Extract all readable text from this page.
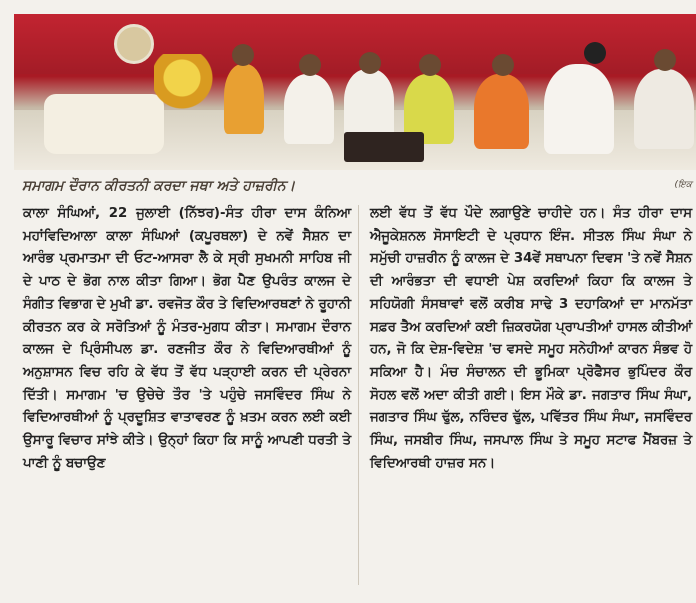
ਸਮਾਗਮ ਦੌਰਾਨ ਕੀਰਤਨੀ ਕਰਦਾ ਜਥਾ ਅਤੇ ਹਾਜ਼ਰੀਨ।	(ਇਕ

ਕਾਲਾ ਸੰਘਿਆਂ, 22 ਜੁਲਾਈ (ਨਿੱਝਰ)-ਸੰਤ ਹੀਰਾ ਦਾਸ ਕੰਨਿਆ ਮਹਾਂਵਿਦਿਆਲਾ ਕਾਲਾ ਸੰਘਿਆਂ (ਕਪੂਰਥਲਾ) ਦੇ ਨਵੇਂ ਸੈਸ਼ਨ ਦਾ ਆਰੰਭ ਪ੍ਰਮਾਤਮਾ ਦੀ ਓਟ-ਆਸਰਾ ਲੈ ਕੇ ਸ੍ਰੀ ਸੁਖਮਨੀ ਸਾਹਿਬ ਜੀ ਦੇ ਪਾਠ ਦੇ ਭੋਗ ਨਾਲ ਕੀਤਾ ਗਿਆ। ਭੋਗ ਪੈਣ ਉਪਰੰਤ ਕਾਲਜ ਦੇ ਸੰਗੀਤ ਵਿਭਾਗ ਦੇ ਮੁਖੀ ਡਾ. ਰਵਜੋਤ ਕੌਰ ਤੇ ਵਿਦਿਆਰਥਣਾਂ ਨੇ ਰੂਹਾਨੀ ਕੀਰਤਨ ਕਰ ਕੇ ਸਰੋਤਿਆਂ ਨੂੰ ਮੰਤਰ-ਮੁਗਧ ਕੀਤਾ। ਸਮਾਗਮ ਦੌਰਾਨ ਕਾਲਜ ਦੇ ਪ੍ਰਿੰਸੀਪਲ ਡਾ. ਰਣਜੀਤ ਕੌਰ ਨੇ ਵਿਦਿਆਰਥੀਆਂ ਨੂੰ ਅਨੁਸ਼ਾਸਨ ਵਿਚ ਰਹਿ ਕੇ ਵੱਧ ਤੋਂ ਵੱਧ ਪੜ੍ਹਾਈ ਕਰਨ ਦੀ ਪ੍ਰੇਰਨਾ ਦਿੱਤੀ। ਸਮਾਗਮ 'ਚ ਉਚੇਚੇ ਤੌਰ 'ਤੇ ਪਹੁੰਚੇ ਜਸਵਿੰਦਰ ਸਿੰਘ ਨੇ ਵਿਦਿਆਰਥੀਆਂ ਨੂੰ ਪ੍ਰਦੂਸ਼ਿਤ ਵਾਤਾਵਰਣ ਨੂੰ ਖ਼ਤਮ ਕਰਨ ਲਈ ਕਈ ਉਸਾਰੂ ਵਿਚਾਰ ਸਾਂਝੇ ਕੀਤੇ। ਉਨ੍ਹਾਂ ਕਿਹਾ ਕਿ ਸਾਨੂੰ ਆਪਣੀ ਧਰਤੀ ਤੇ ਪਾਣੀ ਨੂੰ ਬਚਾਉਣ

ਲਈ ਵੱਧ ਤੋਂ ਵੱਧ ਪੌਦੇ ਲਗਾਉਣੇ ਚਾਹੀਦੇ ਹਨ। ਸੰਤ ਹੀਰਾ ਦਾਸ ਐਜੂਕੇਸ਼ਨਲ ਸੋਸਾਇਟੀ ਦੇ ਪ੍ਰਧਾਨ ਇੰਜ. ਸੀਤਲ ਸਿੰਘ ਸੰਘਾ ਨੇ ਸਮੁੱਚੀ ਹਾਜ਼ਰੀਨ ਨੂੰ ਕਾਲਜ ਦੇ 34ਵੇਂ ਸਥਾਪਨਾ ਦਿਵਸ 'ਤੇ ਨਵੇਂ ਸੈਸ਼ਨ ਦੀ ਆਰੰਭਤਾ ਦੀ ਵਧਾਈ ਪੇਸ਼ ਕਰਦਿਆਂ ਕਿਹਾ ਕਿ ਕਾਲਜ ਤੇ ਸਹਿਯੋਗੀ ਸੰਸਥਾਵਾਂ ਵਲੋਂ ਕਰੀਬ ਸਾਢੇ 3 ਦਹਾਕਿਆਂ ਦਾ ਮਾਨਮੱਤਾ ਸਫ਼ਰ ਤੈਅ ਕਰਦਿਆਂ ਕਈ ਜ਼ਿਕਰਯੋਗ ਪ੍ਰਾਪਤੀਆਂ ਹਾਸਲ ਕੀਤੀਆਂ ਹਨ, ਜੋ ਕਿ ਦੇਸ਼-ਵਿਦੇਸ਼ 'ਚ ਵਸਦੇ ਸਮੂਹ ਸਨੇਹੀਆਂ ਕਾਰਨ ਸੰਭਵ ਹੋ ਸਕਿਆ ਹੈ। ਮੰਚ ਸੰਚਾਲਨ ਦੀ ਭੂਮਿਕਾ ਪ੍ਰੋਫੈਸਰ ਭੁਪਿੰਦਰ ਕੌਰ ਸੋਹਲ ਵਲੋਂ ਅਦਾ ਕੀਤੀ ਗਈ। ਇਸ ਮੌਕੇ ਡਾ. ਜਗਤਾਰ ਸਿੰਘ ਸੰਘਾ, ਜਗਤਾਰ ਸਿੰਘ ਢੁੱਲ, ਨਰਿੰਦਰ ਢੁੱਲ, ਪਵਿੱਤਰ ਸਿੰਘ ਸੰਘਾ, ਜਸਵਿੰਦਰ ਸਿੰਘ, ਜਸਬੀਰ ਸਿੰਘ, ਜਸਪਾਲ ਸਿੰਘ ਤੇ ਸਮੂਹ ਸਟਾਫ ਮੈਂਬਰਜ਼ ਤੇ ਵਿਦਿਆਰਥੀ ਹਾਜ਼ਰ ਸਨ।
